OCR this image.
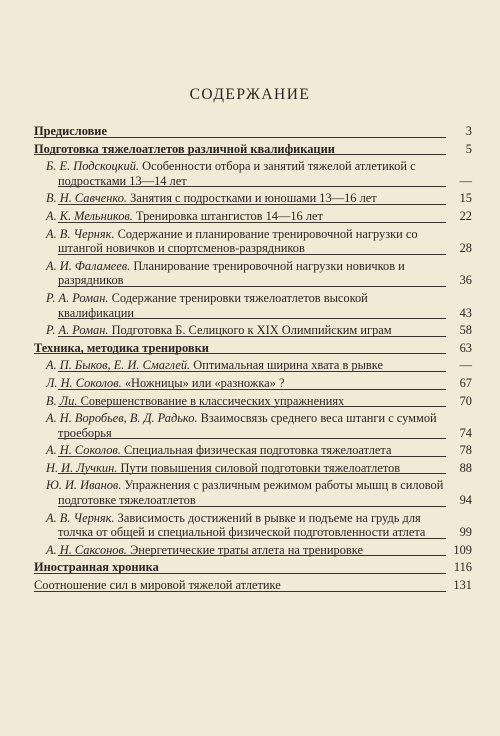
СОДЕРЖАНИЕ
Предисловие	3
Подготовка тяжелоатлетов различной квалификации	5
Б. Е. Подскоцкий. Особенности отбора и занятий тяжелой атлетикой с подростками 13—14 лет	—
В. Н. Савченко. Занятия с подростками и юношами 13—16 лет	15
А. К. Мельников. Тренировка штангистов 14—16 лет	22
А. В. Черняк. Содержание и планирование тренировочной нагрузки со штангой новичков и спортсменов-разрядников	28
А. И. Фаламеев. Планирование тренировочной нагрузки новичков и разрядников	36
Р. А. Роман. Содержание тренировки тяжелоатлетов высокой квалификации	43
Р. А. Роман. Подготовка Б. Селицкого к XIX Олимпийским играм	58
Техника, методика тренировки	63
А. П. Быков, Е. И. Смаглей. Оптимальная ширина хвата в рывке	—
Л. Н. Соколов. «Ножницы» или «разножка» ?	67
В. Ли. Совершенствование в классических упражнениях	70
А. Н. Воробьев, В. Д. Радько. Взаимосвязь среднего веса штанги с суммой троеборья	74
А. Н. Соколов. Специальная физическая подготовка тяжелоатлета	78
Н. И. Лучкин. Пути повышения силовой подготовки тяжелоатлетов	88
Ю. И. Иванов. Упражнения с различным режимом работы мышц в силовой подготовке тяжелоатлетов	94
А. В. Черняк. Зависимость достижений в рывке и подъеме на грудь для толчка от общей и специальной физической подготовленности атлета	99
А. Н. Саксонов. Энергетические траты атлета на тренировке	109
Иностранная хроника	116
Соотношение сил в мировой тяжелой атлетике	131
